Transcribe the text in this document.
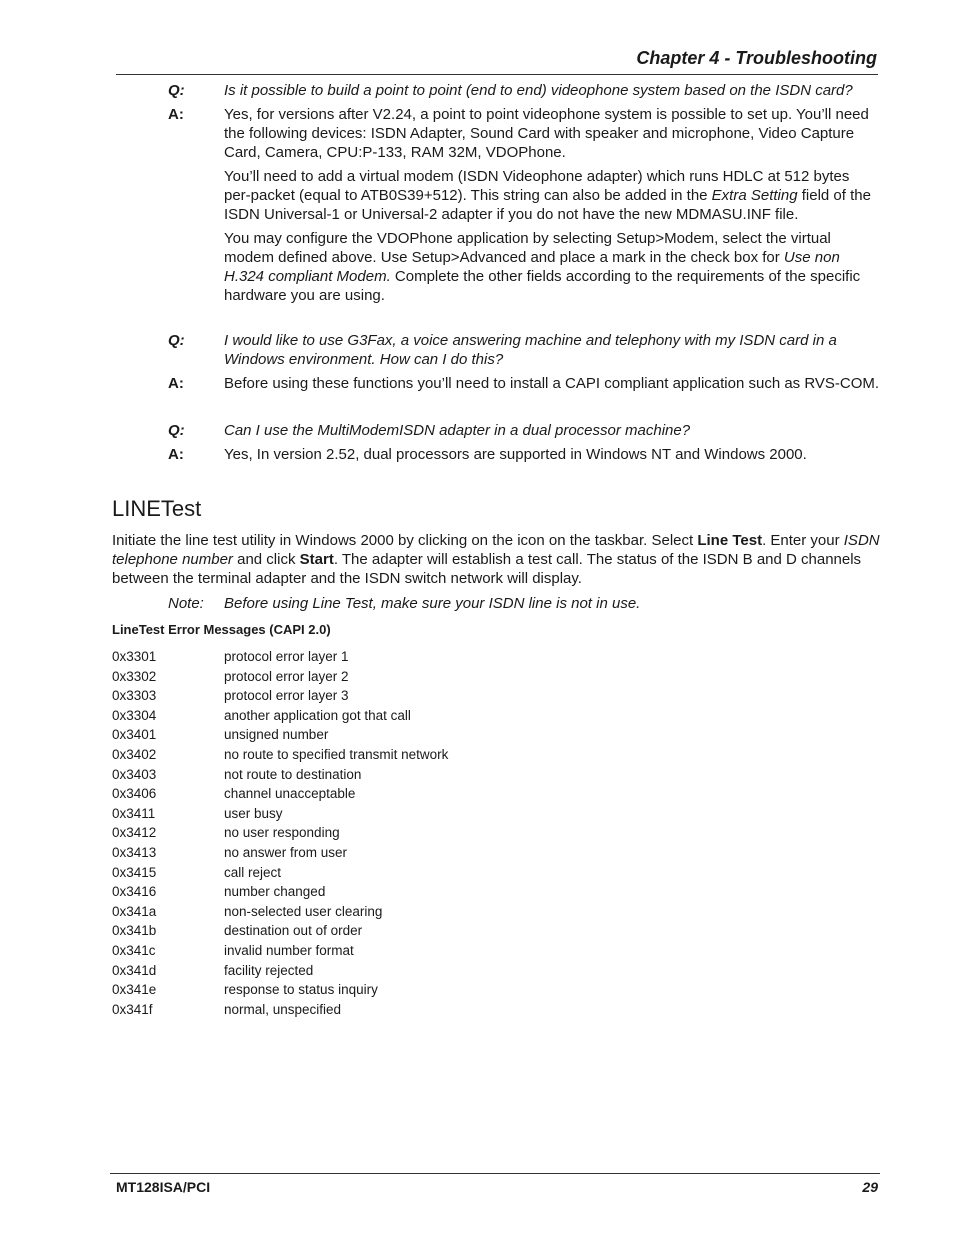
Chapter 4 - Troubleshooting
Q:	Is it possible to build a point to point (end to end) videophone system based on the ISDN card?
A:	Yes, for versions after V2.24, a point to point videophone system is possible to set up. You’ll need the following devices: ISDN Adapter, Sound Card with speaker and microphone, Video Capture Card, Camera, CPU:P-133, RAM 32M, VDOPhone.
You’ll need to add a virtual modem (ISDN Videophone adapter) which runs HDLC at 512 bytes per-packet (equal to ATB0S39+512). This string can also be added in the Extra Setting field of the ISDN Universal-1 or Universal-2 adapter if you do not have the new MDMASU.INF file.
You may configure the VDOPhone application by selecting Setup>Modem, select the virtual modem defined above. Use Setup>Advanced and place a mark in the check box for Use non H.324 compliant Modem. Complete the other fields according to the requirements of the specific hardware you are using.
Q:	I would like to use G3Fax, a voice answering machine and telephony with my ISDN card in a Windows environment. How can I do this?
A:	Before using these functions you’ll need to install a CAPI compliant application such as RVS-COM.
Q:	Can I use the MultiModemISDN adapter in a dual processor machine?
A:	Yes, In version 2.52, dual processors are supported in Windows NT and Windows 2000.
LINETest
Initiate the line test utility in Windows 2000 by clicking on the icon on the taskbar. Select Line Test. Enter your ISDN telephone number and click Start. The adapter will establish a test call. The status of the ISDN B and D channels between the terminal adapter and the ISDN switch network will display.
Note: Before using Line Test, make sure your ISDN line is not in use.
LineTest Error Messages (CAPI 2.0)
0x3301	protocol error layer 1
0x3302	protocol error layer 2
0x3303	protocol error layer 3
0x3304	another application got that call
0x3401	unsigned number
0x3402	no route to specified transmit network
0x3403	not route to destination
0x3406	channel unacceptable
0x3411	user busy
0x3412	no user responding
0x3413	no answer from user
0x3415	call reject
0x3416	number changed
0x341a	non-selected user clearing
0x341b	destination out of order
0x341c	invalid number format
0x341d	facility rejected
0x341e	response to status inquiry
0x341f	normal, unspecified
MT128ISA/PCI	29
